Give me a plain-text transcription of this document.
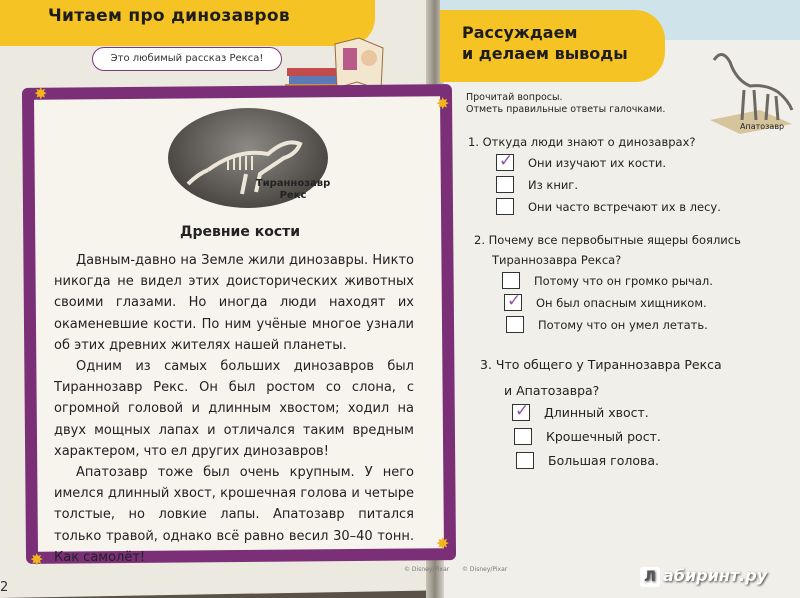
Читаем про динозавров
Это любимый рассказ Рекса!
✸
✸
✸
✸
Тираннозавр
Рекс
Древние кости

Давным-давно на Земле жили динозавры. Никто никогда не видел этих доисторических животных своими глазами. Но иногда люди находят их окаменевшие кости. По ним учёные многое узнали об этих древних жителях нашей планеты.

Одним из самых больших динозавров был Тираннозавр Рекс. Он был ростом со слона, с огромной головой и длинным хвостом; ходил на двух мощных лапах и отличался таким вредным характером, что ел других динозавров!

Апатозавр тоже был очень крупным. У него имелся длинный хвост, крошечная голова и четыре толстые, но ловкие лапы. Апатозавр питался только травой, однако всё равно весил 30–40 тонн. Как самолёт!

© Disney/Pixar
2
Рассуждаем
и делаем выводы
Апатозавр
Прочитай вопросы.
Отметь правильные ответы галочками.
1. Откуда люди знают о динозаврах?
✓ Они изучают их кости.
Из книг.
Они часто встречают их в лесу.
2. Почему все первобытные ящеры боялись
Тираннозавра Рекса?
Потому что он громко рычал.
✓ Он был опасным хищником.
Потому что он умел летать.
3. Что общего у Тираннозавра Рекса
и Апатозавра?
✓ Длинный хвост.
Крошечный рост.
Большая голова.
© Disney/Pixar	Л абиринт.ру
